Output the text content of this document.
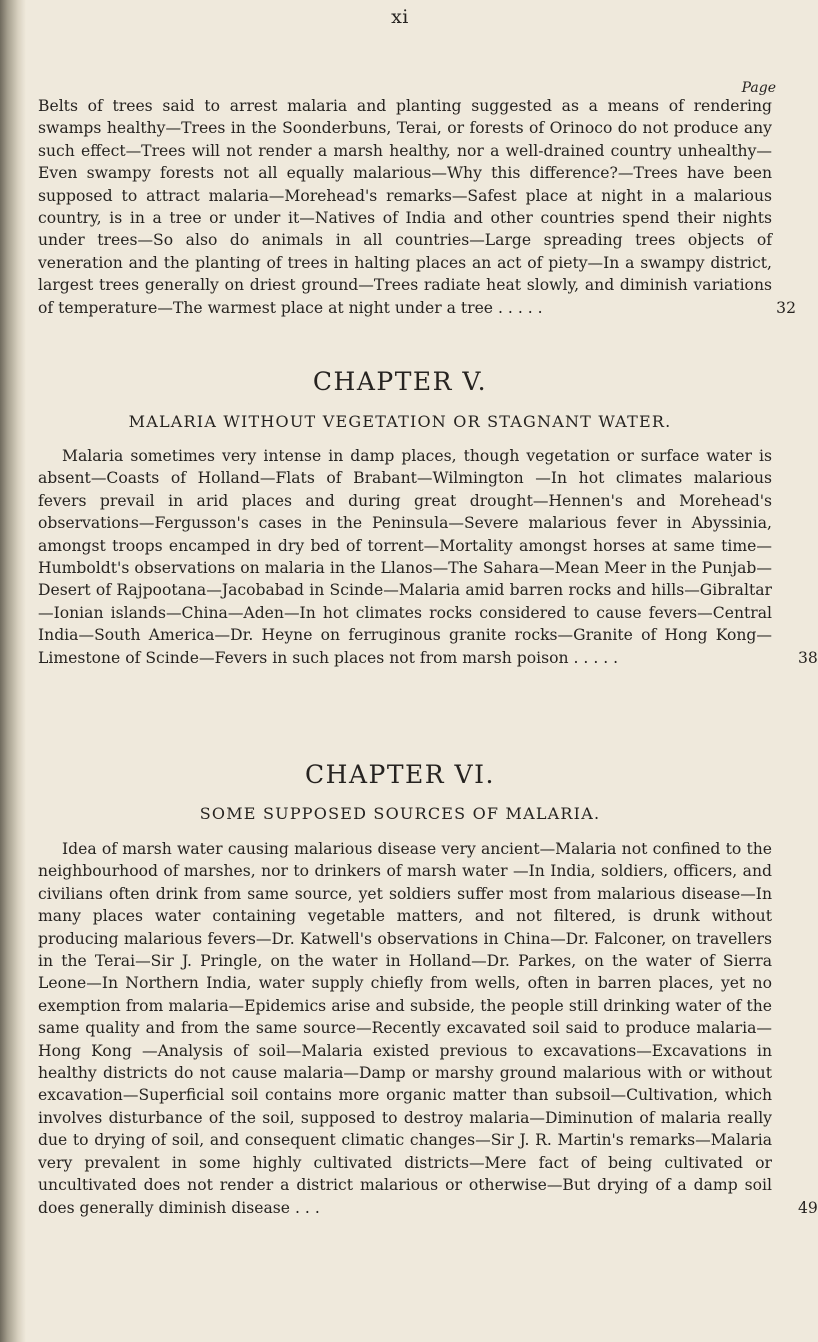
xi
Page
Belts of trees said to arrest malaria and planting suggested as a means of rendering swamps healthy—Trees in the Soonderbuns, Terai, or forests of Orinoco do not produce any such effect—Trees will not render a marsh healthy, nor a well-drained country unhealthy—Even swampy forests not all equally malarious—Why this difference?—Trees have been supposed to attract malaria—Morehead's remarks—Safest place at night in a malarious country, is in a tree or under it—Natives of India and other countries spend their nights under trees—So also do animals in all countries—Large spreading trees objects of veneration and the planting of trees in halting places an act of piety—In a swampy district, largest trees generally on driest ground—Trees radiate heat slowly, and diminish variations of temperature—The warmest place at night under a tree . . . . .	32
CHAPTER V.
MALARIA WITHOUT VEGETATION OR STAGNANT WATER.
Malaria sometimes very intense in damp places, though vegetation or surface water is absent—Coasts of Holland—Flats of Brabant—Wilmington —In hot climates malarious fevers prevail in arid places and during great drought—Hennen's and Morehead's observations—Fergusson's cases in the Peninsula—Severe malarious fever in Abyssinia, amongst troops encamped in dry bed of torrent—Mortality amongst horses at same time—Humboldt's observations on malaria in the Llanos—The Sahara—Mean Meer in the Punjab—Desert of Rajpootana—Jacobabad in Scinde—Malaria amid barren rocks and hills—Gibraltar—Ionian islands—China—Aden—In hot climates rocks considered to cause fevers—Central India—South America—Dr. Heyne on ferruginous granite rocks—Granite of Hong Kong—Limestone of Scinde—Fevers in such places not from marsh poison . . . . .	38
CHAPTER VI.
SOME SUPPOSED SOURCES OF MALARIA.
Idea of marsh water causing malarious disease very ancient—Malaria not confined to the neighbourhood of marshes, nor to drinkers of marsh water —In India, soldiers, officers, and civilians often drink from same source, yet soldiers suffer most from malarious disease—In many places water containing vegetable matters, and not filtered, is drunk without producing malarious fevers—Dr. Katwell's observations in China—Dr. Falconer, on travellers in the Terai—Sir J. Pringle, on the water in Holland—Dr. Parkes, on the water of Sierra Leone—In Northern India, water supply chiefly from wells, often in barren places, yet no exemption from malaria—Epidemics arise and subside, the people still drinking water of the same quality and from the same source—Recently excavated soil said to produce malaria—Hong Kong —Analysis of soil—Malaria existed previous to excavations—Excavations in healthy districts do not cause malaria—Damp or marshy ground malarious with or without excavation—Superficial soil contains more organic matter than subsoil—Cultivation, which involves disturbance of the soil, supposed to destroy malaria—Diminution of malaria really due to drying of soil, and consequent climatic changes—Sir J. R. Martin's remarks—Malaria very prevalent in some highly cultivated districts—Mere fact of being cultivated or uncultivated does not render a district malarious or otherwise—But drying of a damp soil does generally diminish disease . . .	49
